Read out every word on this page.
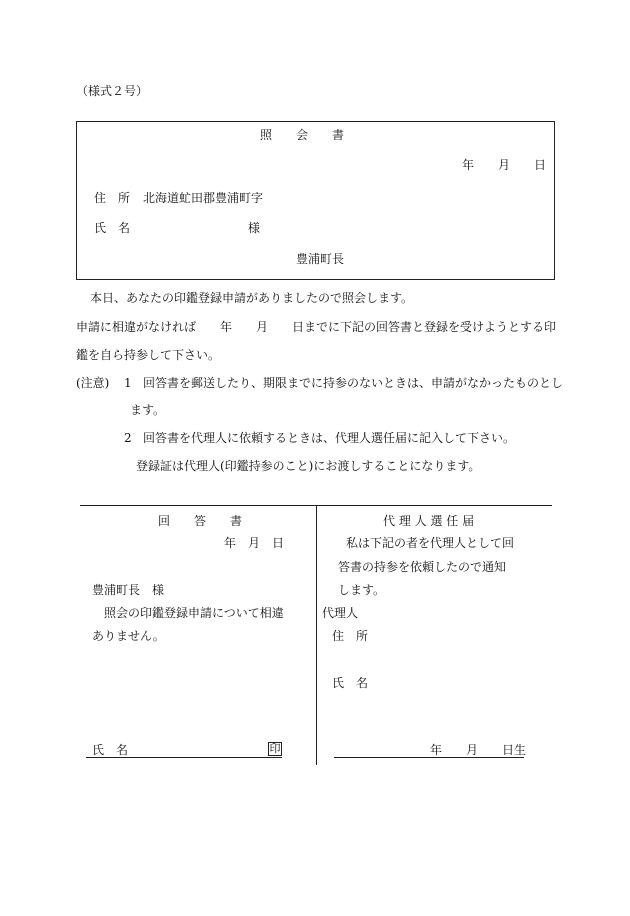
（様式２号）
照　　会　　書
年　　月　　日
住　所 北海道虻田郡豊浦町字
氏　名	様
豊浦町長
本日、あなたの印鑑登録申請がありましたので照会します。
申請に相違がなければ　　年　　月　　日までに下記の回答書と登録を受けようとする印
鑑を自ら持参して下さい。
(注意) 1 回答書を郵送したり、期限までに持参のないときは、申請がなかったものとし
ます。
2 回答書を代理人に依頼するときは、代理人選任届に記入して下さい。
登録証は代理人(印鑑持参のこと)にお渡しすることになります。
回　　答　　書
年　月　日
豊浦町長　様
照会の印鑑登録申請について相違
ありません。
氏　名	印
代 理 人 選 任 届
私は下記の者を代理人として回
答書の持参を依頼したので通知
します。
代理人
住　所
氏　名
年　　月　　日生
